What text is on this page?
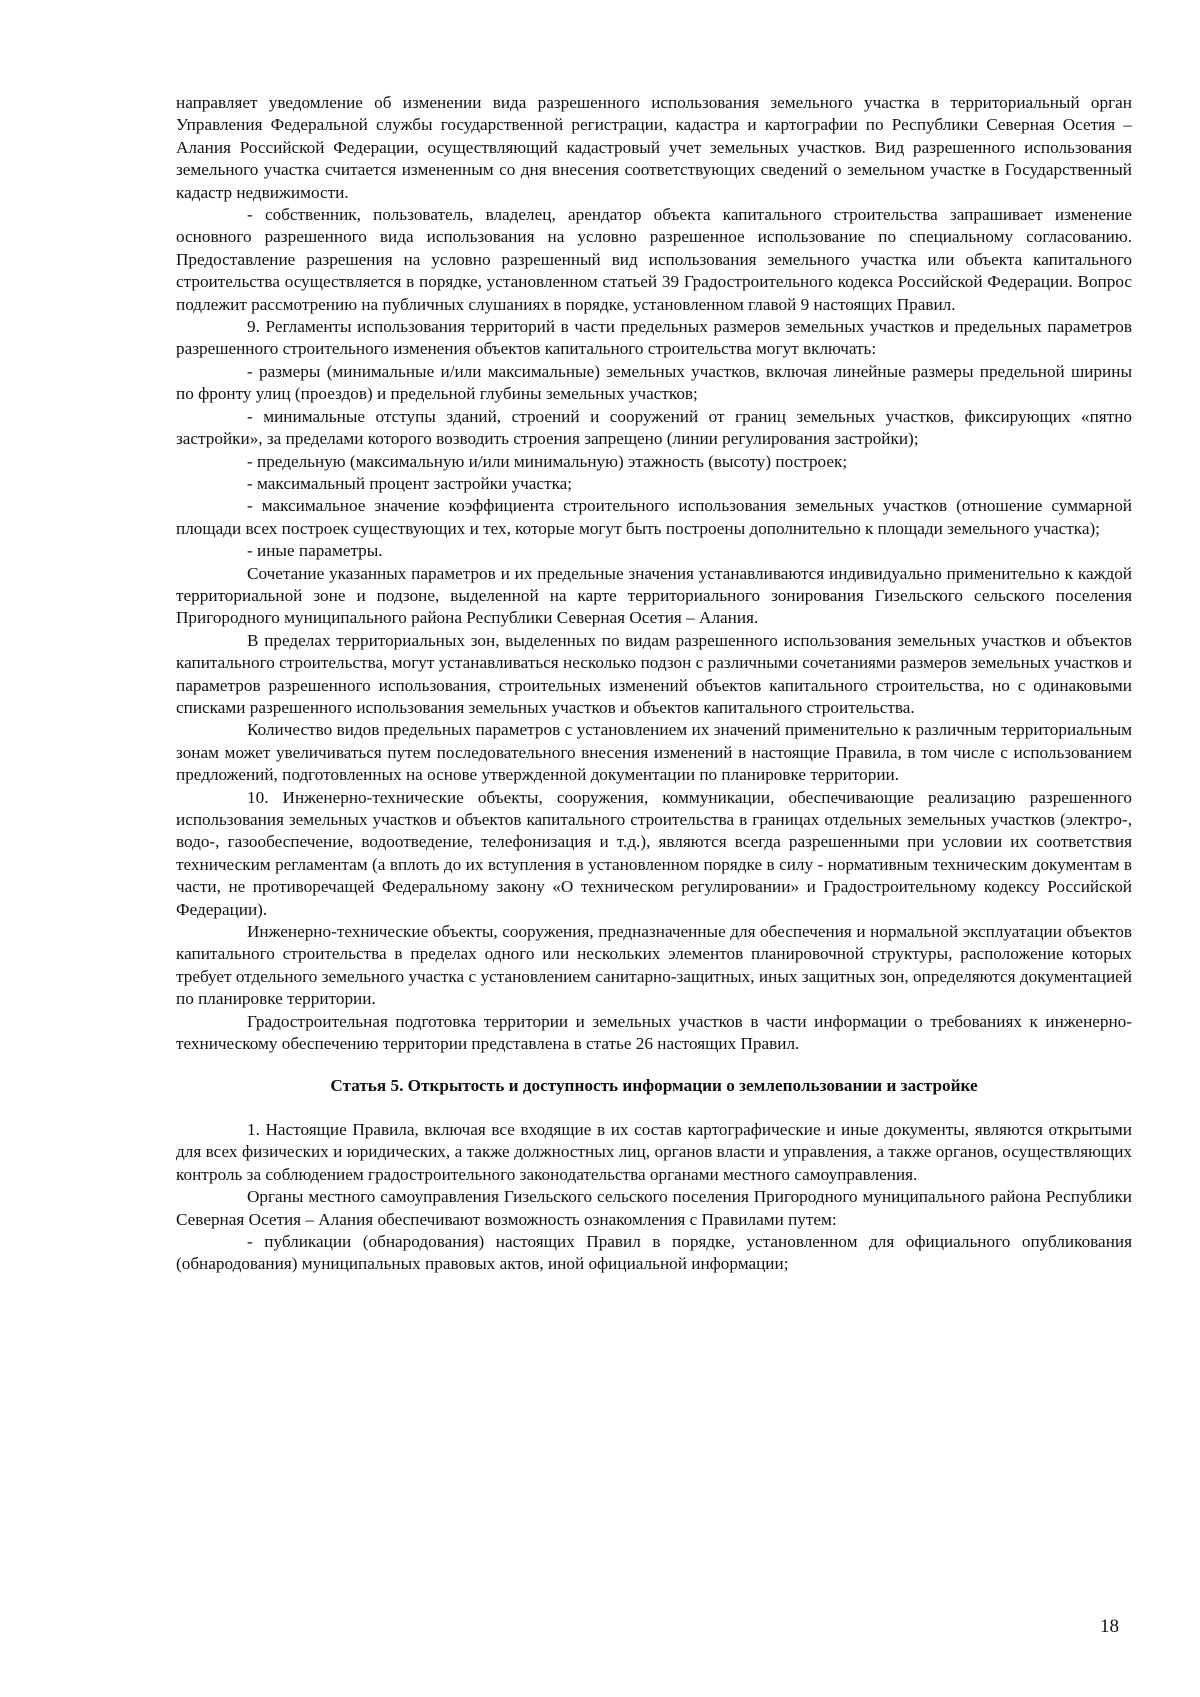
направляет уведомление об изменении вида разрешенного использования земельного участка в территориальный орган Управления Федеральной службы государственной регистрации, кадастра и картографии по Республики Северная Осетия – Алания Российской Федерации, осуществляющий кадастровый учет земельных участков. Вид разрешенного использования земельного участка считается измененным со дня внесения соответствующих сведений о земельном участке в Государственный кадастр недвижимости.

- собственник, пользователь, владелец, арендатор объекта капитального строительства запрашивает изменение основного разрешенного вида использования на условно разрешенное использование по специальному согласованию. Предоставление разрешения на условно разрешенный вид использования земельного участка или объекта капитального строительства осуществляется в порядке, установленном статьей 39 Градостроительного кодекса Российской Федерации. Вопрос подлежит рассмотрению на публичных слушаниях в порядке, установленном главой 9 настоящих Правил.

9. Регламенты использования территорий в части предельных размеров земельных участков и предельных параметров разрешенного строительного изменения объектов капитального строительства могут включать:

- размеры (минимальные и/или максимальные) земельных участков, включая линейные размеры предельной ширины по фронту улиц (проездов) и предельной глубины земельных участков;

- минимальные отступы зданий, строений и сооружений от границ земельных участков, фиксирующих «пятно застройки», за пределами которого возводить строения запрещено (линии регулирования застройки);

- предельную (максимальную и/или минимальную) этажность (высоту) построек;

- максимальный процент застройки участка;

- максимальное значение коэффициента строительного использования земельных участков (отношение суммарной площади всех построек существующих и тех, которые могут быть построены дополнительно к площади земельного участка);

- иные параметры.

Сочетание указанных параметров и их предельные значения устанавливаются индивидуально применительно к каждой территориальной зоне и подзоне, выделенной на карте территориального зонирования Гизельского сельского поселения Пригородного муниципального района Республики Северная Осетия – Алания.

В пределах территориальных зон, выделенных по видам разрешенного использования земельных участков и объектов капитального строительства, могут устанавливаться несколько подзон с различными сочетаниями размеров земельных участков и параметров разрешенного использования, строительных изменений объектов капитального строительства, но с одинаковыми списками разрешенного использования земельных участков и объектов капитального строительства.

Количество видов предельных параметров с установлением их значений применительно к различным территориальным зонам может увеличиваться путем последовательного внесения изменений в настоящие Правила, в том числе с использованием предложений, подготовленных на основе утвержденной документации по планировке территории.

10. Инженерно-технические объекты, сооружения, коммуникации, обеспечивающие реализацию разрешенного использования земельных участков и объектов капитального строительства в границах отдельных земельных участков (электро-, водо-, газообеспечение, водоотведение, телефонизация и т.д.), являются всегда разрешенными при условии их соответствия техническим регламентам (а вплоть до их вступления в установленном порядке в силу - нормативным техническим документам в части, не противоречащей Федеральному закону «О техническом регулировании» и Градостроительному кодексу Российской Федерации).

Инженерно-технические объекты, сооружения, предназначенные для обеспечения и нормальной эксплуатации объектов капитального строительства в пределах одного или нескольких элементов планировочной структуры, расположение которых требует отдельного земельного участка с установлением санитарно-защитных, иных защитных зон, определяются документацией по планировке территории.

Градостроительная подготовка территории и земельных участков в части информации о требованиях к инженерно-техническому обеспечению территории представлена в статье 26 настоящих Правил.

Статья 5. Открытость и доступность информации о землепользовании и застройке

1. Настоящие Правила, включая все входящие в их состав картографические и иные документы, являются открытыми для всех физических и юридических, а также должностных лиц, органов власти и управления, а также органов, осуществляющих контроль за соблюдением градостроительного законодательства органами местного самоуправления.

Органы местного самоуправления Гизельского сельского поселения Пригородного муниципального района Республики Северная Осетия – Алания обеспечивают возможность ознакомления с Правилами путем:

- публикации (обнародования) настоящих Правил в порядке, установленном для официального опубликования (обнародования) муниципальных правовых актов, иной официальной информации;

18
